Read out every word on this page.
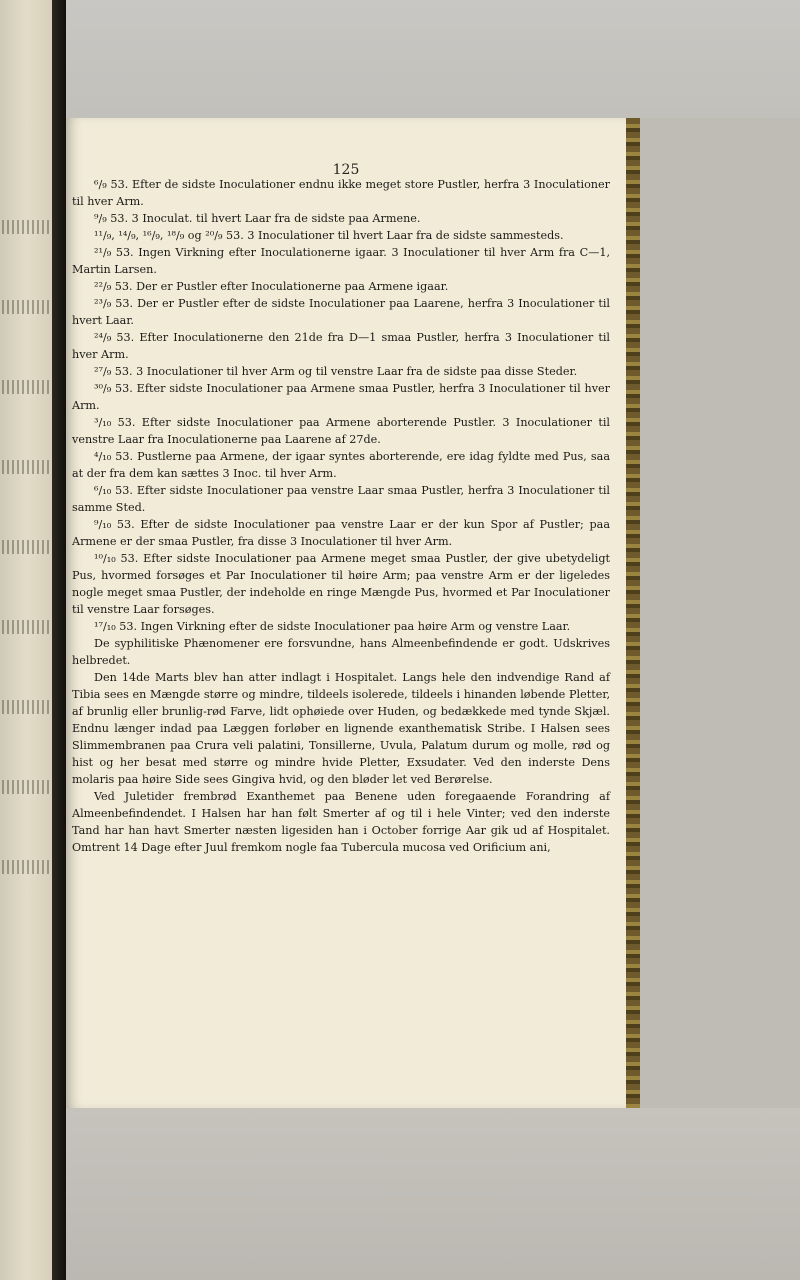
125

⁶/₉ 53. Efter de sidste Inoculationer endnu ikke meget store Pustler, herfra 3 Inoculationer til hver Arm.

⁹/₉ 53. 3 Inoculat. til hvert Laar fra de sidste paa Armene.

¹¹/₉, ¹⁴/₉, ¹⁶/₉, ¹⁸/₉ og ²⁰/₉ 53. 3 Inoculationer til hvert Laar fra de sidste sammesteds.

²¹/₉ 53. Ingen Virkning efter Inoculationerne igaar. 3 Inoculationer til hver Arm fra C—1, Martin Larsen.

²²/₉ 53. Der er Pustler efter Inoculationerne paa Armene igaar.

²³/₉ 53. Der er Pustler efter de sidste Inoculationer paa Laarene, herfra 3 Inoculationer til hvert Laar.

²⁴/₉ 53. Efter Inoculationerne den 21de fra D—1 smaa Pustler, herfra 3 Inoculationer til hver Arm.

²⁷/₉ 53. 3 Inoculationer til hver Arm og til venstre Laar fra de sidste paa disse Steder.

³⁰/₉ 53. Efter sidste Inoculationer paa Armene smaa Pustler, herfra 3 Inoculationer til hver Arm.

³/₁₀ 53. Efter sidste Inoculationer paa Armene aborterende Pustler. 3 Inoculationer til venstre Laar fra Inoculationerne paa Laarene af 27de.

⁴/₁₀ 53. Pustlerne paa Armene, der igaar syntes aborterende, ere idag fyldte med Pus, saa at der fra dem kan sættes 3 Inoc. til hver Arm.

⁶/₁₀ 53. Efter sidste Inoculationer paa venstre Laar smaa Pustler, herfra 3 Inoculationer til samme Sted.

⁹/₁₀ 53. Efter de sidste Inoculationer paa venstre Laar er der kun Spor af Pustler; paa Armene er der smaa Pustler, fra disse 3 Inoculationer til hver Arm.

¹⁰/₁₀ 53. Efter sidste Inoculationer paa Armene meget smaa Pustler, der give ubetydeligt Pus, hvormed forsøges et Par Inoculationer til høire Arm; paa venstre Arm er der ligeledes nogle meget smaa Pustler, der indeholde en ringe Mængde Pus, hvormed et Par Inoculationer til venstre Laar forsøges.

¹⁷/₁₀ 53. Ingen Virkning efter de sidste Inoculationer paa høire Arm og venstre Laar.

De syphilitiske Phænomener ere forsvundne, hans Almeenbefindende er godt. Udskrives helbredet.

Den 14de Marts blev han atter indlagt i Hospitalet. Langs hele den indvendige Rand af Tibia sees en Mængde større og mindre, tildeels isolerede, tildeels i hinanden løbende Pletter, af brunlig eller brunlig-rød Farve, lidt ophøiede over Huden, og bedækkede med tynde Skjæl. Endnu længer indad paa Læggen forløber en lignende exanthematisk Stribe. I Halsen sees Slimmembranen paa Crura veli palatini, Tonsillerne, Uvula, Palatum durum og molle, rød og hist og her besat med større og mindre hvide Pletter, Exsudater. Ved den inderste Dens molaris paa høire Side sees Gingiva hvid, og den bløder let ved Berørelse.

Ved Juletider frembrød Exanthemet paa Benene uden foregaaende Forandring af Almeenbefindendet. I Halsen har han følt Smerter af og til i hele Vinter; ved den inderste Tand har han havt Smerter næsten ligesiden han i October forrige Aar gik ud af Hospitalet. Omtrent 14 Dage efter Juul fremkom nogle faa Tubercula mucosa ved Orificium ani,
